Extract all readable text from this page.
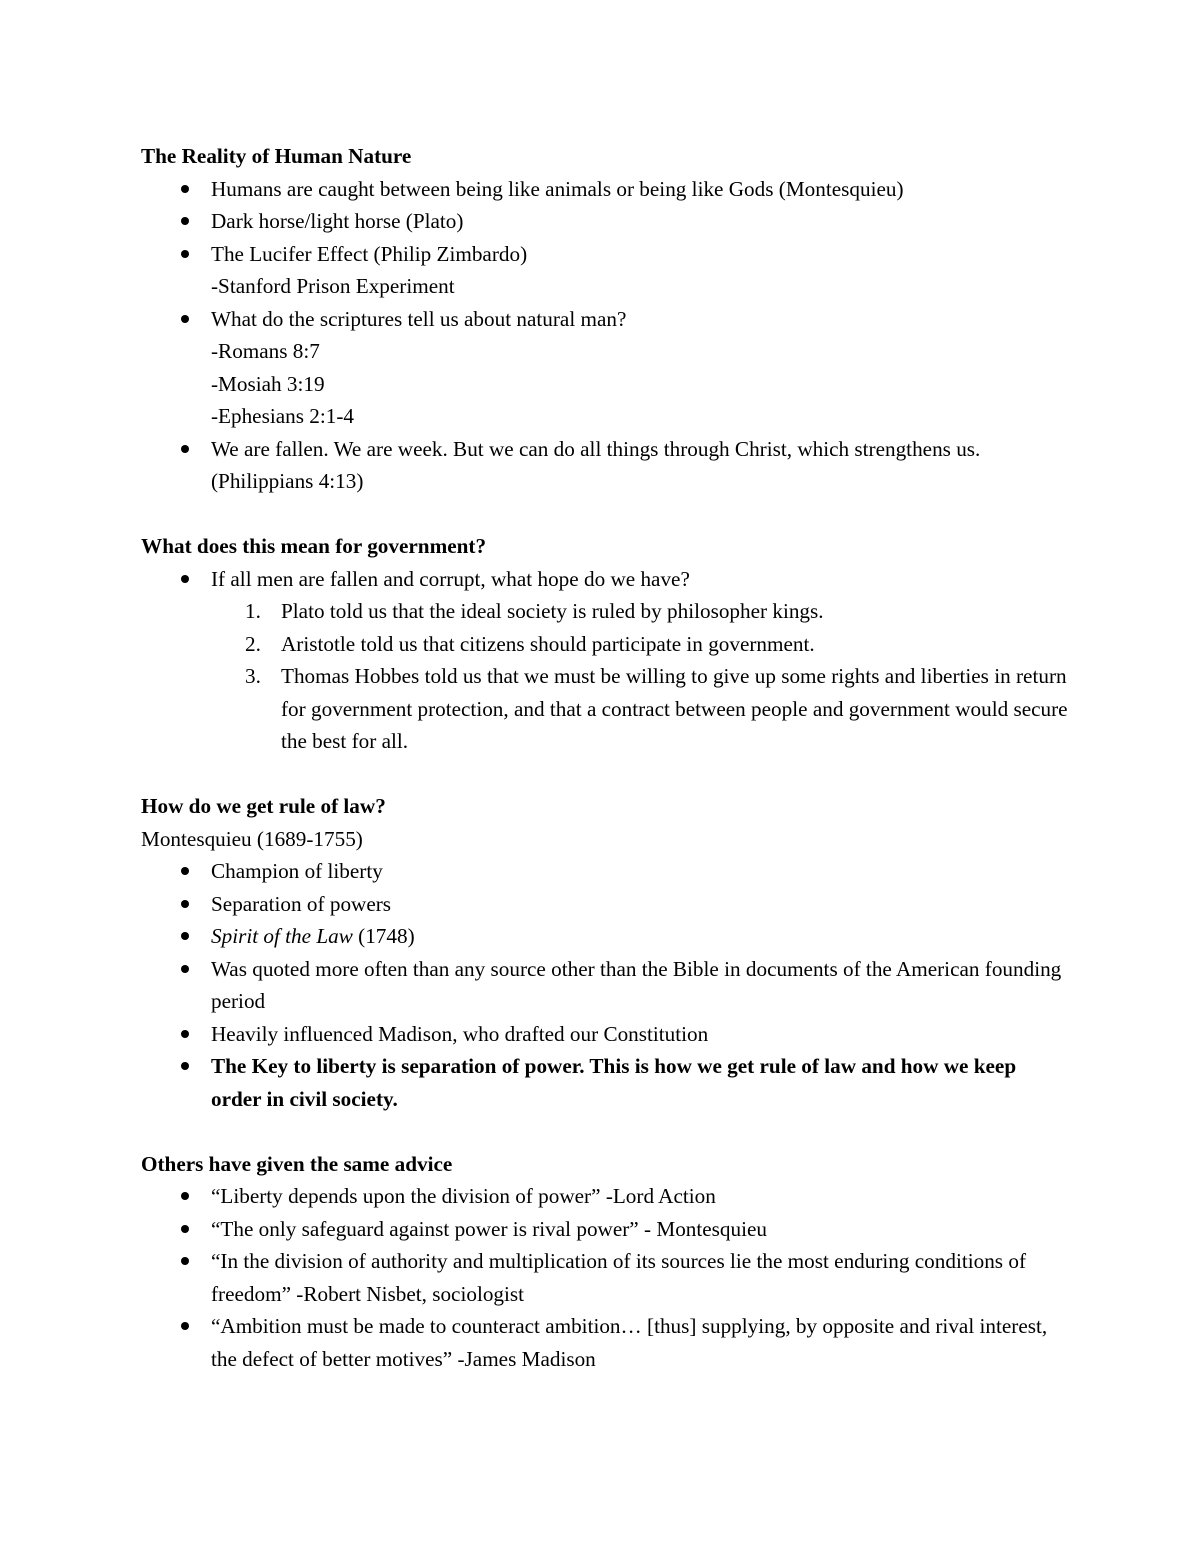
The Reality of Human Nature

Humans are caught between being like animals or being like Gods (Montesquieu)
Dark horse/light horse (Plato)
The Lucifer Effect (Philip Zimbardo)
-Stanford Prison Experiment
What do the scriptures tell us about natural man?
-Romans 8:7
-Mosiah 3:19
-Ephesians 2:1-4
We are fallen. We are week. But we can do all things through Christ, which strengthens us. (Philippians 4:13)

What does this mean for government?

If all men are fallen and corrupt, what hope do we have?
1. Plato told us that the ideal society is ruled by philosopher kings.
2. Aristotle told us that citizens should participate in government.
3. Thomas Hobbes told us that we must be willing to give up some rights and liberties in return for government protection, and that a contract between people and government would secure the best for all.

How do we get rule of law?

Montesquieu (1689-1755)

Champion of liberty
Separation of powers
Spirit of the Law (1748)
Was quoted more often than any source other than the Bible in documents of the American founding period
Heavily influenced Madison, who drafted our Constitution
The Key to liberty is separation of power. This is how we get rule of law and how we keep order in civil society.

Others have given the same advice

“Liberty depends upon the division of power” -Lord Action
“The only safeguard against power is rival power” - Montesquieu
“In the division of authority and multiplication of its sources lie the most enduring conditions of freedom” -Robert Nisbet, sociologist
“Ambition must be made to counteract ambition… [thus] supplying, by opposite and rival interest, the defect of better motives” -James Madison
